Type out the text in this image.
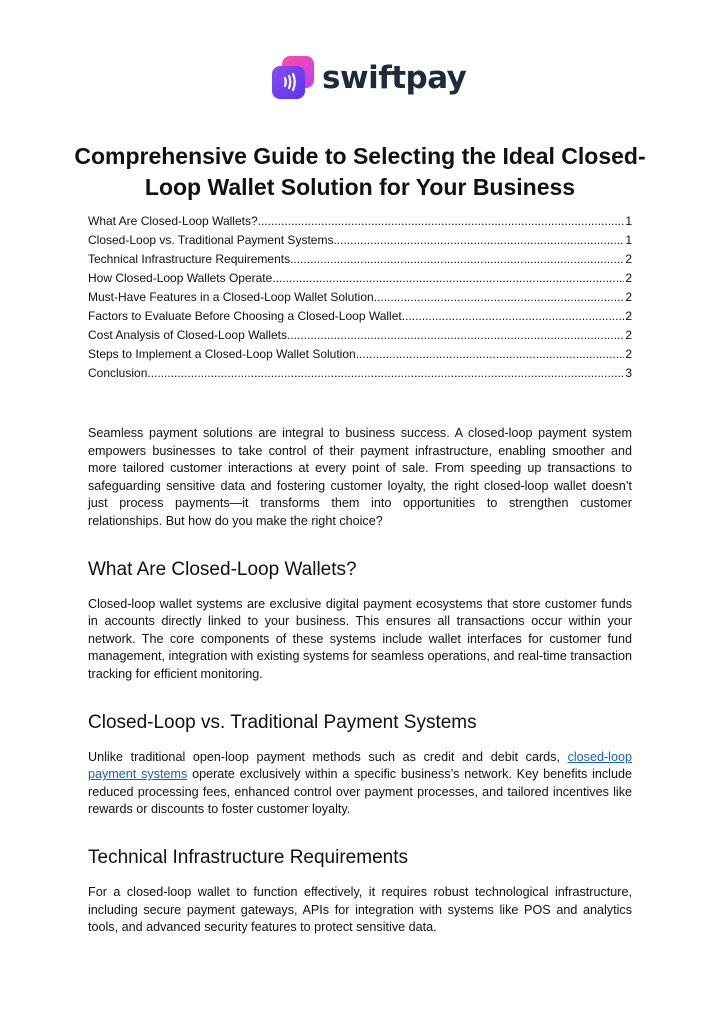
swiftpay
Comprehensive Guide to Selecting the Ideal Closed-Loop Wallet Solution for Your Business
What Are Closed-Loop Wallets? .....	1
Closed-Loop vs. Traditional Payment Systems .....	1
Technical Infrastructure Requirements .....	2
How Closed-Loop Wallets Operate .....	2
Must-Have Features in a Closed-Loop Wallet Solution .....	2
Factors to Evaluate Before Choosing a Closed-Loop Wallet .....	2
Cost Analysis of Closed-Loop Wallets .....	2
Steps to Implement a Closed-Loop Wallet Solution .....	2
Conclusion .....	3

Seamless payment solutions are integral to business success. A closed-loop payment system empowers businesses to take control of their payment infrastructure, enabling smoother and more tailored customer interactions at every point of sale. From speeding up transactions to safeguarding sensitive data and fostering customer loyalty, the right closed-loop wallet doesn’t just process payments—it transforms them into opportunities to strengthen customer relationships. But how do you make the right choice?

What Are Closed-Loop Wallets?

Closed-loop wallet systems are exclusive digital payment ecosystems that store customer funds in accounts directly linked to your business. This ensures all transactions occur within your network. The core components of these systems include wallet interfaces for customer fund management, integration with existing systems for seamless operations, and real-time transaction tracking for efficient monitoring.

Closed-Loop vs. Traditional Payment Systems

Unlike traditional open-loop payment methods such as credit and debit cards, closed-loop payment systems operate exclusively within a specific business’s network. Key benefits include reduced processing fees, enhanced control over payment processes, and tailored incentives like rewards or discounts to foster customer loyalty.

Technical Infrastructure Requirements

For a closed-loop wallet to function effectively, it requires robust technological infrastructure, including secure payment gateways, APIs for integration with systems like POS and analytics tools, and advanced security features to protect sensitive data.
